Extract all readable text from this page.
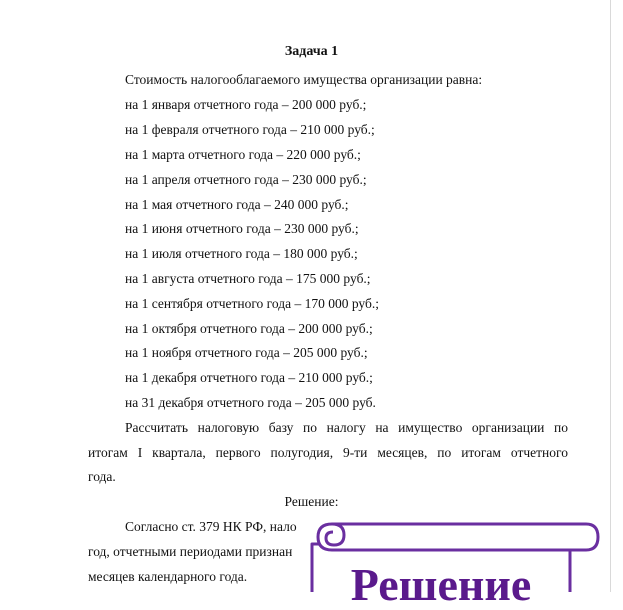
Задача 1
Стоимость налогооблагаемого имущества организации равна:
на 1 января отчетного года – 200 000 руб.;
на 1 февраля отчетного года – 210 000 руб.;
на 1 марта отчетного года – 220 000 руб.;
на 1 апреля отчетного года – 230 000 руб.;
на 1 мая отчетного года – 240 000 руб.;
на 1 июня отчетного года – 230 000 руб.;
на 1 июля отчетного года – 180 000 руб.;
на 1 августа отчетного года – 175 000 руб.;
на 1 сентября отчетного года – 170 000 руб.;
на 1 октября отчетного года – 200 000 руб.;
на 1 ноября отчетного года – 205 000 руб.;
на 1 декабря отчетного года – 210 000 руб.;
на 31 декабря отчетного года – 205 000 руб.
Рассчитать налоговую базу по налогу на имущество организации по
итогам I квартала, первого полугодия, 9-ти месяцев, по итогам отчетного
года.
Решение:
Согласно ст. 379 НК РФ, нало
год, отчетными периодами признан
месяцев календарного года.	Решение
